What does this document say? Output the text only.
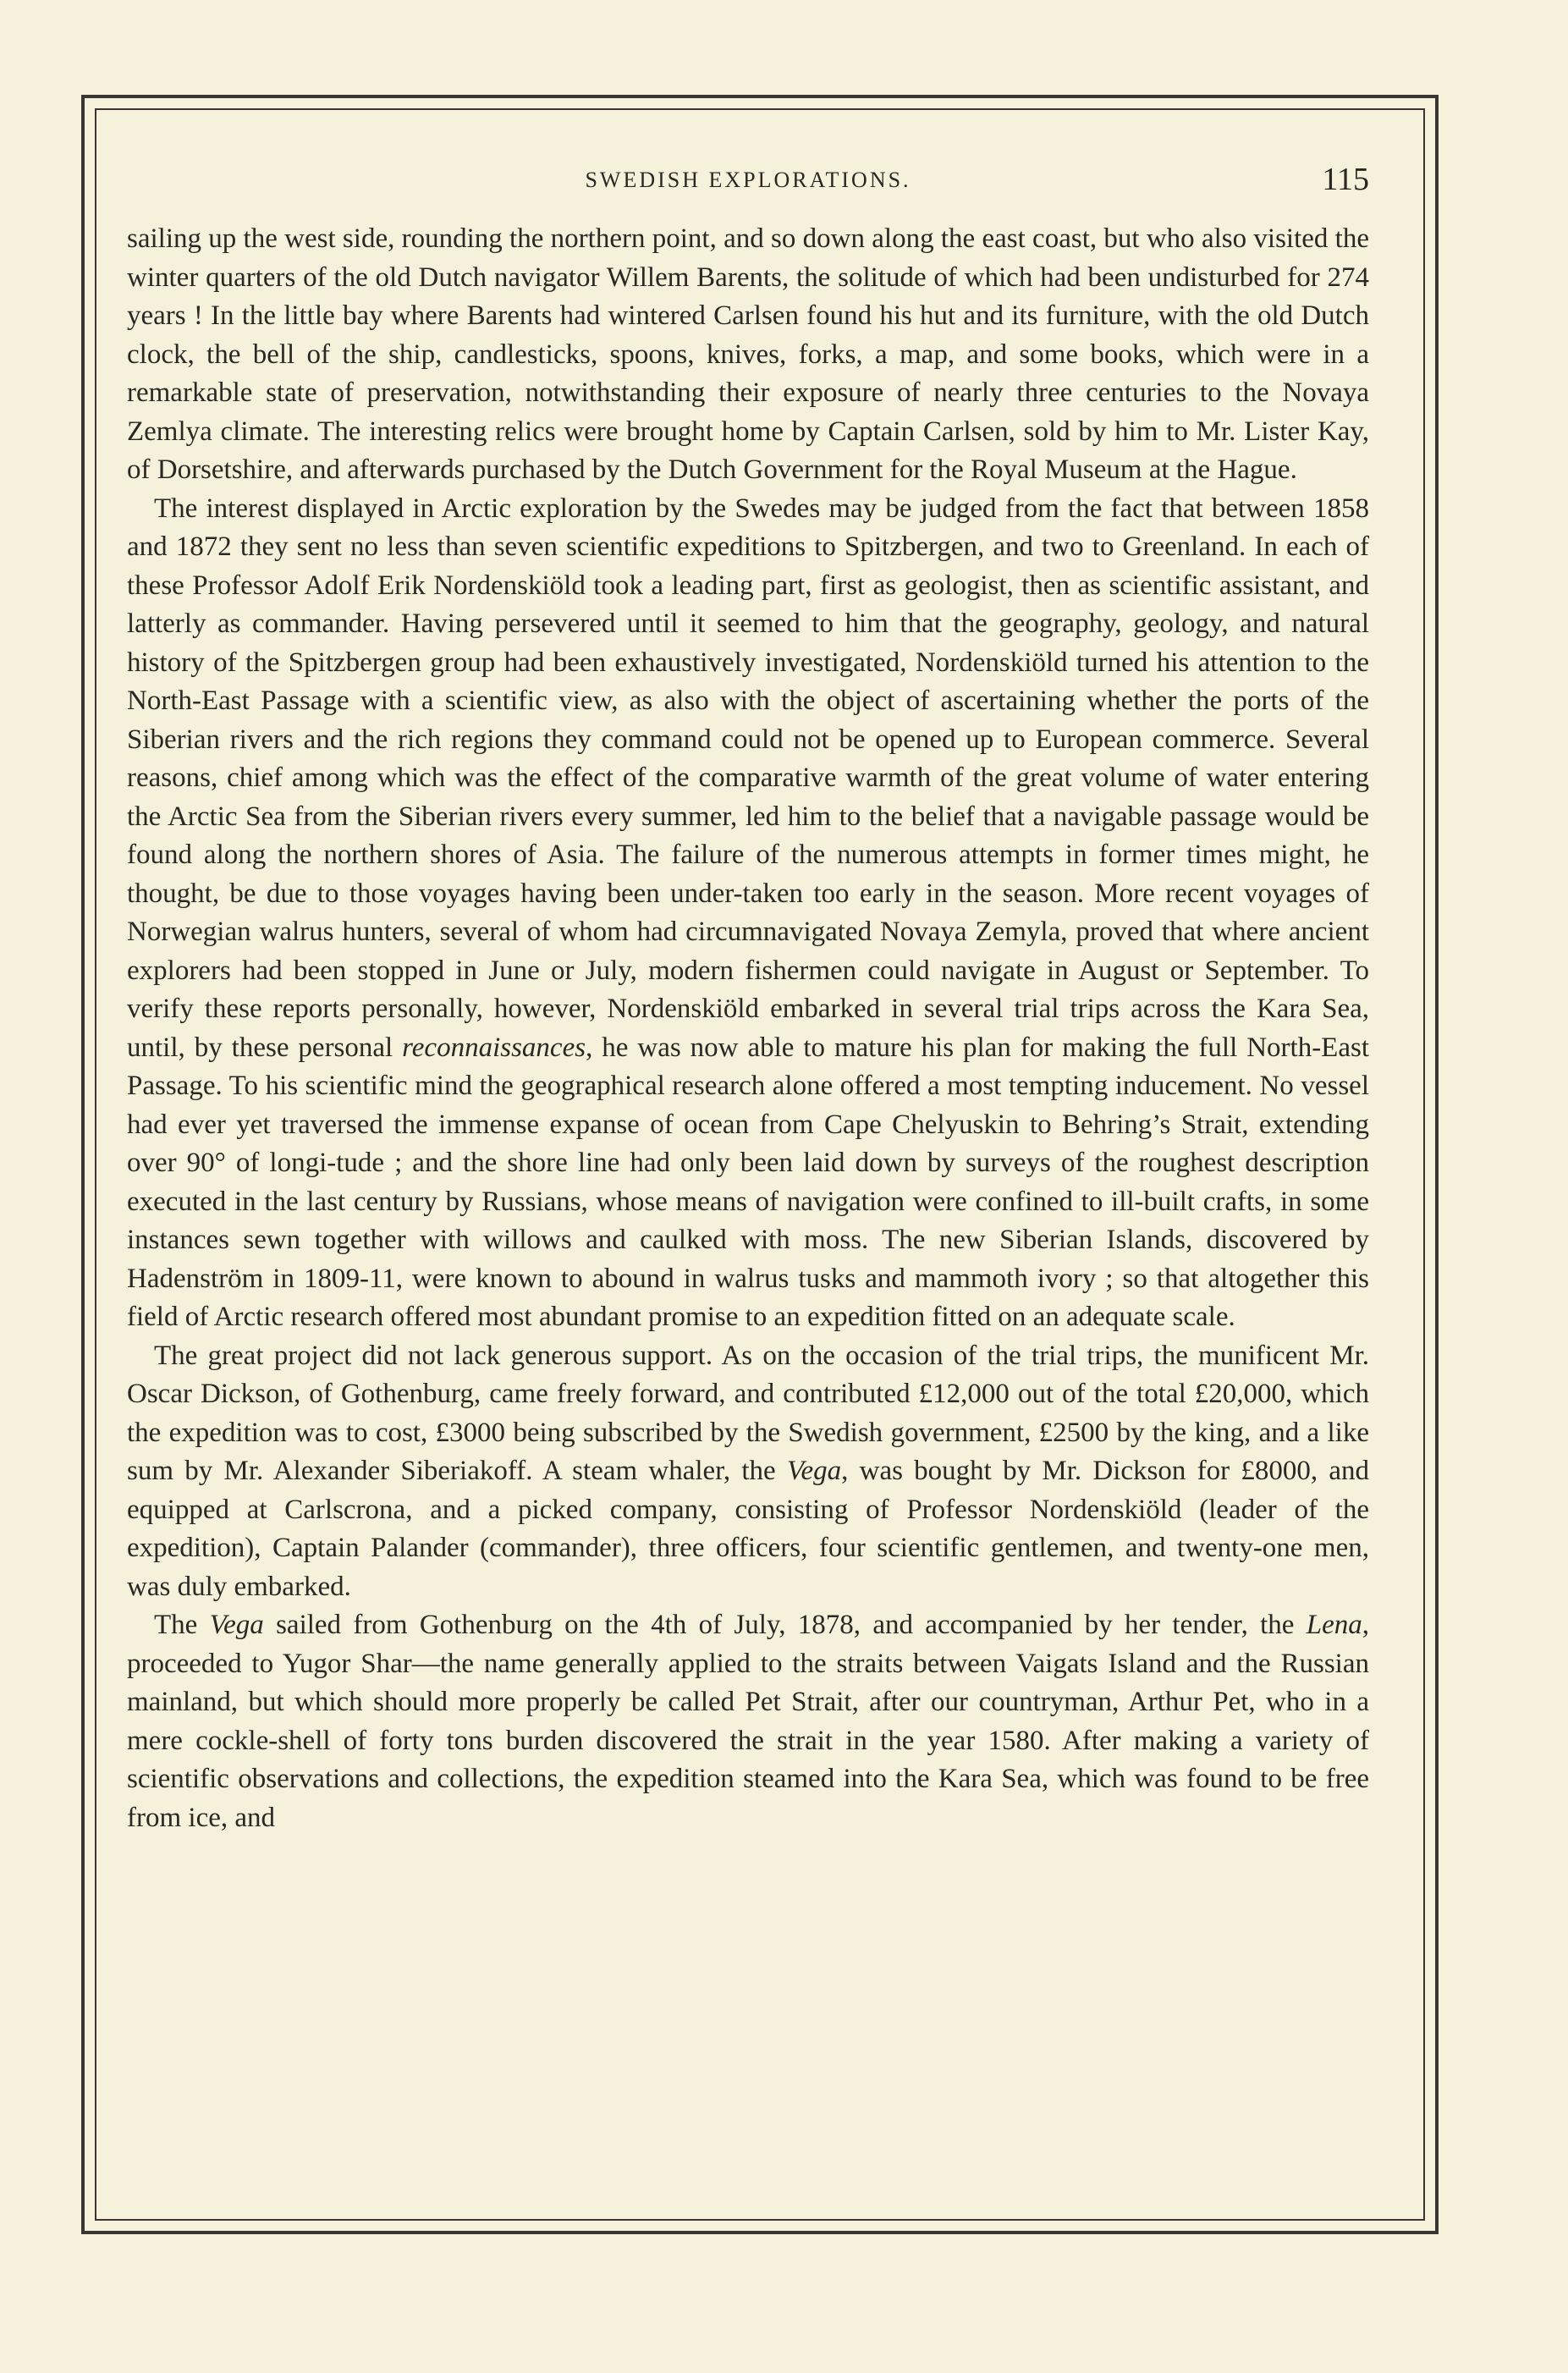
SWEDISH EXPLORATIONS.	115

sailing up the west side, rounding the northern point, and so down along the east coast, but who also visited the winter quarters of the old Dutch navigator Willem Barents, the solitude of which had been undisturbed for 274 years ! In the little bay where Barents had wintered Carlsen found his hut and its furniture, with the old Dutch clock, the bell of the ship, candlesticks, spoons, knives, forks, a map, and some books, which were in a remarkable state of preservation, notwithstanding their exposure of nearly three centuries to the Novaya Zemlya climate. The interesting relics were brought home by Captain Carlsen, sold by him to Mr. Lister Kay, of Dorsetshire, and afterwards purchased by the Dutch Government for the Royal Museum at the Hague.

The interest displayed in Arctic exploration by the Swedes may be judged from the fact that between 1858 and 1872 they sent no less than seven scientific expeditions to Spitzbergen, and two to Greenland. In each of these Professor Adolf Erik Nordenskiöld took a leading part, first as geologist, then as scientific assistant, and latterly as commander. Having persevered until it seemed to him that the geography, geology, and natural history of the Spitzbergen group had been exhaustively investigated, Nordenskiöld turned his attention to the North-East Passage with a scientific view, as also with the object of ascertaining whether the ports of the Siberian rivers and the rich regions they command could not be opened up to European commerce. Several reasons, chief among which was the effect of the comparative warmth of the great volume of water entering the Arctic Sea from the Siberian rivers every summer, led him to the belief that a navigable passage would be found along the northern shores of Asia. The failure of the numerous attempts in former times might, he thought, be due to those voyages having been under-taken too early in the season. More recent voyages of Norwegian walrus hunters, several of whom had circumnavigated Novaya Zemyla, proved that where ancient explorers had been stopped in June or July, modern fishermen could navigate in August or September. To verify these reports personally, however, Nordenskiöld embarked in several trial trips across the Kara Sea, until, by these personal reconnaissances, he was now able to mature his plan for making the full North-East Passage. To his scientific mind the geographical research alone offered a most tempting inducement. No vessel had ever yet traversed the immense expanse of ocean from Cape Chelyuskin to Behring’s Strait, extending over 90° of longi-tude ; and the shore line had only been laid down by surveys of the roughest description executed in the last century by Russians, whose means of navigation were confined to ill-built crafts, in some instances sewn together with willows and caulked with moss. The new Siberian Islands, discovered by Hadenström in 1809-11, were known to abound in walrus tusks and mammoth ivory ; so that altogether this field of Arctic research offered most abundant promise to an expedition fitted on an adequate scale.

The great project did not lack generous support. As on the occasion of the trial trips, the munificent Mr. Oscar Dickson, of Gothenburg, came freely forward, and contributed £12,000 out of the total £20,000, which the expedition was to cost, £3000 being subscribed by the Swedish government, £2500 by the king, and a like sum by Mr. Alexander Siberiakoff. A steam whaler, the Vega, was bought by Mr. Dickson for £8000, and equipped at Carlscrona, and a picked company, consisting of Professor Nordenskiöld (leader of the expedition), Captain Palander (commander), three officers, four scientific gentlemen, and twenty-one men, was duly embarked.

The Vega sailed from Gothenburg on the 4th of July, 1878, and accompanied by her tender, the Lena, proceeded to Yugor Shar—the name generally applied to the straits between Vaigats Island and the Russian mainland, but which should more properly be called Pet Strait, after our countryman, Arthur Pet, who in a mere cockle-shell of forty tons burden discovered the strait in the year 1580. After making a variety of scientific observations and collections, the expedition steamed into the Kara Sea, which was found to be free from ice, and
